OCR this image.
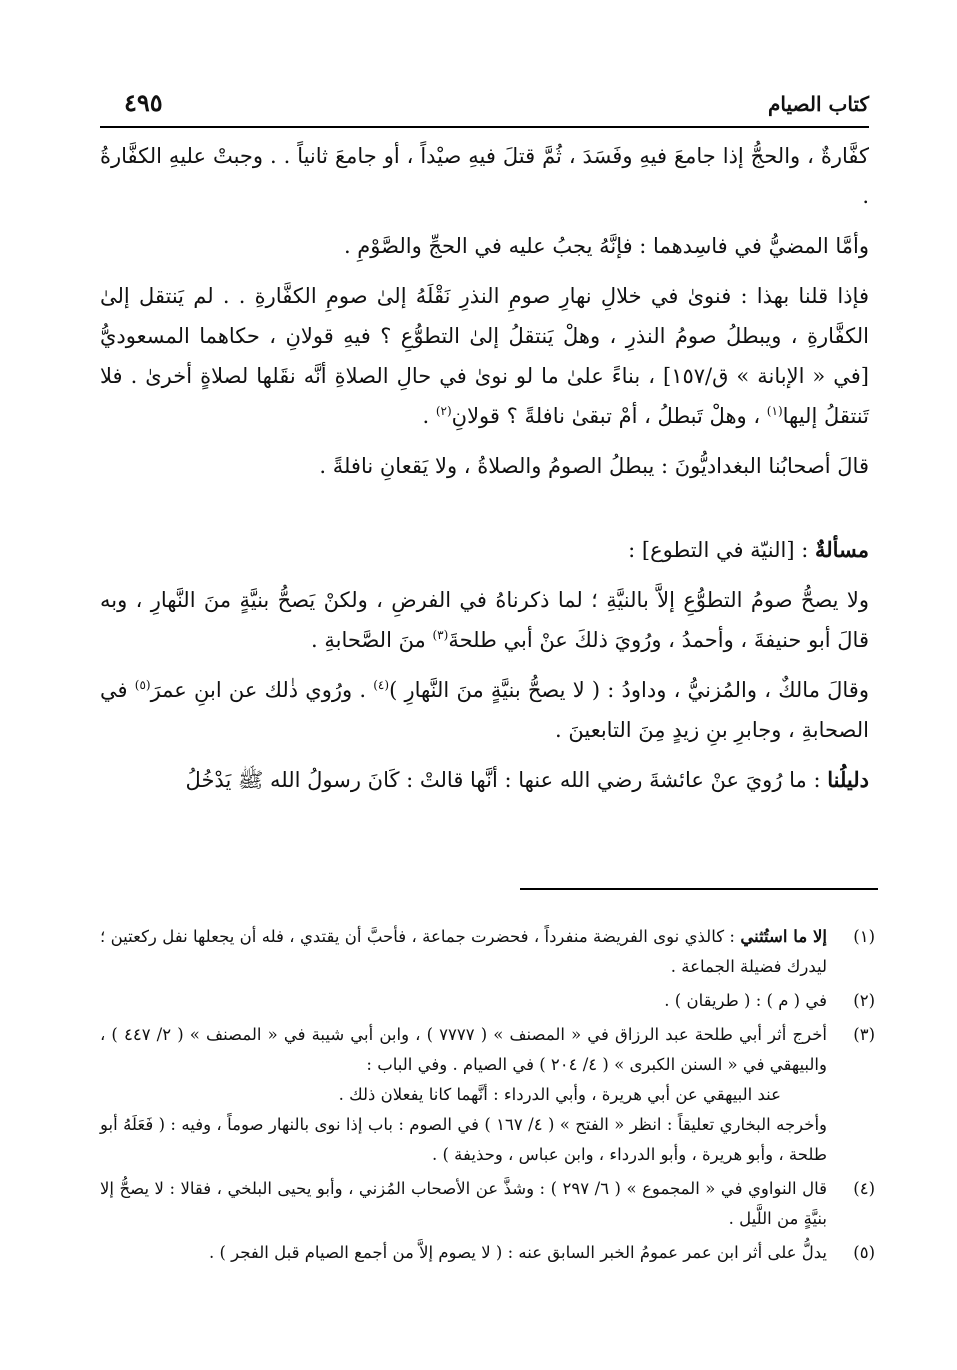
كتاب الصيام
٤٩٥

كفَّارةٌ ، والحجُّ إذا جامعَ فيهِ وفَسَدَ ، ثُمَّ قتلَ فيهِ صيْداً ، أو جامعَ ثانياً . . وجبتْ عليهِ الكفَّارةُ .

وأمَّا المضيُّ في فاسِدهما : فإنَّهُ يجبُ عليه في الحجِّ والصَّوْمِ .

فإذا قلنا بهذا : فنوىٰ في خلالِ نهارِ صومِ النذرِ نَقْلَهُ إلىٰ صومِ الكفَّارةِ . . لم يَنتقل إلىٰ الكفَّارةِ ، ويبطلُ صومُ النذرِ ، وهلْ يَنتقلُ إلىٰ التطوُّعِ ؟ فيهِ قولانِ ، حكاهما المسعوديُّ [في « الإبانة » ق/١٥٧] ، بناءً علىٰ ما لو نوىٰ في حالِ الصلاةِ أنَّه نقَلها لصلاةٍ أخرىٰ . فلا تَنتقلُ إليها$^{(١)}$ ، وهلْ تَبطلُ ، أمْ تبقىٰ نافلةً ؟ قولانِ$^{(٢)}$ .

قالَ أصحابُنا البغداديُّونَ : يبطلُ الصومُ والصلاةُ ، ولا يَقعانِ نافلةً .

مسألةٌ : [النيّة في التطوع] :

ولا يصحُّ صومُ التطوُّعِ إلاَّ بالنيَّةِ ؛ لما ذكرناهُ في الفرضِ ، ولكنْ يَصحُّ بنيَّةٍ منَ النَّهارِ ، وبه قالَ أبو حنيفةَ ، وأحمدُ ، ورُويَ ذلكَ عنْ أبي طلحةَ$^{(٣)}$ منَ الصَّحابةِ .

وقالَ مالكٌ ، والمُزنيُّ ، وداودُ : ( لا يصحُّ بنيَّةٍ منَ النَّهارِ )$^{(٤)}$ . ورُوي ذٰلك عن ابنِ عمرَ$^{(٥)}$ في الصحابةِ ، وجابرِ بنِ زيدٍ مِنَ التابعينَ .

دليلُنا : ما رُويَ عنْ عائشةَ رضي الله عنها : أنَّها قالتْ : كَانَ رسولُ الله ﷺ يَدْخُلُ

(١)
إلا ما استُثني : كالذي نوى الفريضة منفرداً ، فحضرت جماعة ، فأحبَّ أن يقتدي ، فله أن يجعلها نفل ركعتين ؛ ليدرك فضيلة الجماعة .
(٢)
في ( م ) : ( طريقان ) .
(٣)
أخرج أثر أبي طلحة عبد الرزاق في « المصنف » ( ٧٧٧٧ ) ، وابن أبي شيبة في « المصنف » ( ٢/ ٤٤٧ ) ، والبيهقي في « السنن الكبرى » ( ٤/ ٢٠٤ ) في الصيام . وفي الباب :
عند البيهقي عن أبي هريرة ، وأبي الدرداء : أنَّهما كانا يفعلان ذلك .
وأخرجه البخاري تعليقاً : انظر « الفتح » ( ٤/ ١٦٧ ) في الصوم : باب إذا نوى بالنهار صوماً ، وفيه : ( فَعَلَهُ أبو طلحة ، وأبو هريرة ، وأبو الدرداء ، وابن عباس ، وحذيفة ) .
(٤)
قال النواوي في « المجموع » ( ٦/ ٢٩٧ ) : وشذَّ عن الأصحاب المُزني ، وأبو يحيى البلخي ، فقالا : لا يصحُّ إلا بنيَّةٍ من اللَّيل .
(٥)
يدلُّ على أثر ابن عمر عمومُ الخبر السابق عنه : ( لا يصوم إلاَّ من أجمع الصيام قبل الفجر ) .
